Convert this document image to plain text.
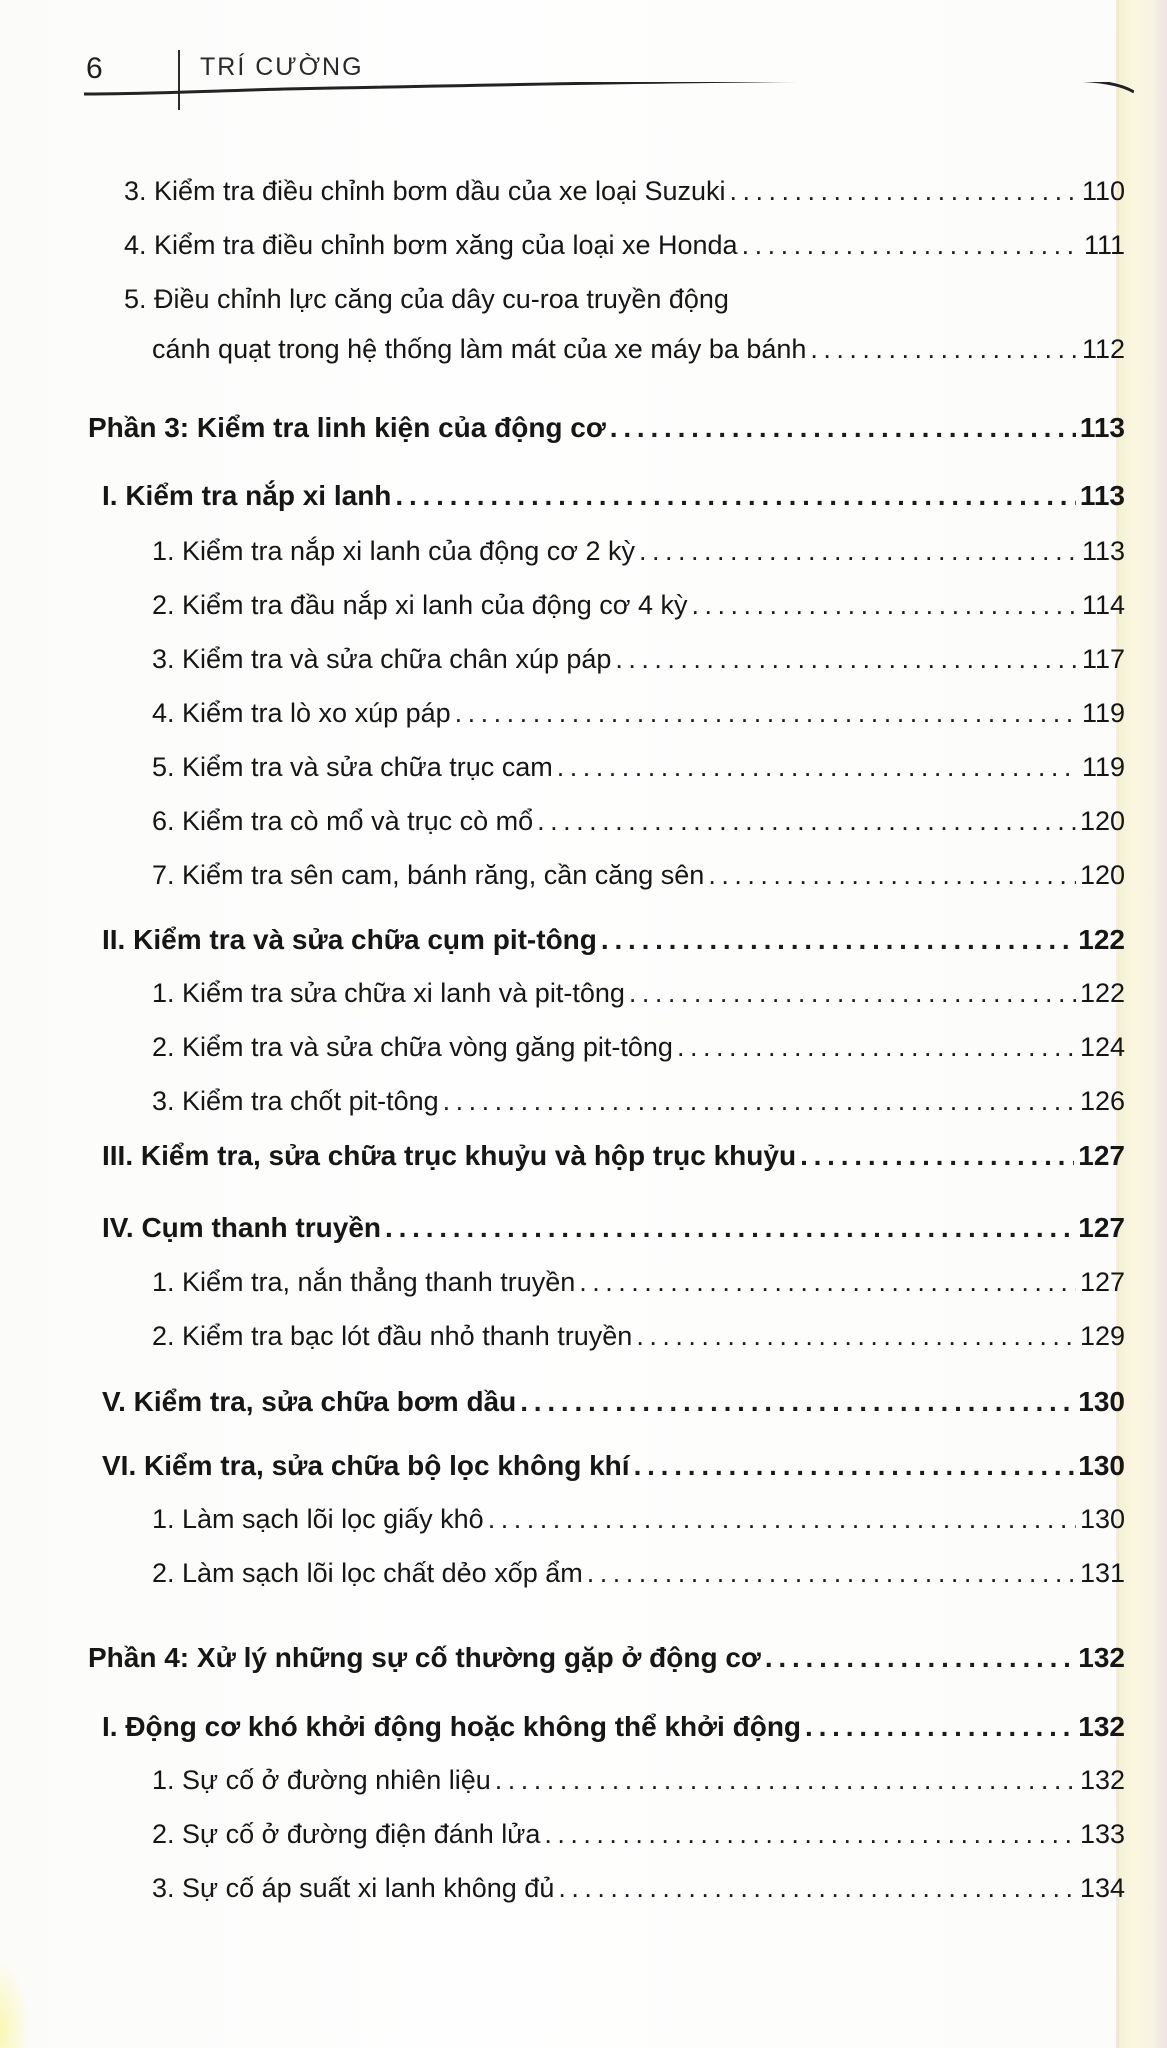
6	TRÍ CƯỜNG
3. Kiểm tra điều chỉnh bơm dầu của xe loại Suzuki . . .	110
4. Kiểm tra điều chỉnh bơm xăng của loại xe Honda . . .	111
5. Điều chỉnh lực căng của dây cu-roa truyền động
cánh quạt trong hệ thống làm mát của xe máy ba bánh . . .	112
Phần 3: Kiểm tra linh kiện của động cơ . . .	113
I. Kiểm tra nắp xi lanh . . .	113
1. Kiểm tra nắp xi lanh của động cơ 2 kỳ . . .	113
2. Kiểm tra đầu nắp xi lanh của động cơ 4 kỳ . . .	114
3. Kiểm tra và sửa chữa chân xúp páp . . .	117
4. Kiểm tra lò xo xúp páp . . .	119
5. Kiểm tra và sửa chữa trục cam . . .	119
6. Kiểm tra cò mổ và trục cò mổ . . .	120
7. Kiểm tra sên cam, bánh răng, cần căng sên . . .	120
II. Kiểm tra và sửa chữa cụm pit-tông . . .	122
1. Kiểm tra sửa chữa xi lanh và pit-tông . . .	122
2. Kiểm tra và sửa chữa vòng găng pit-tông . . .	124
3. Kiểm tra chốt pit-tông . . .	126
III. Kiểm tra, sửa chữa trục khuỷu và hộp trục khuỷu . . .	127
IV. Cụm thanh truyền . . .	127
1. Kiểm tra, nắn thẳng thanh truyền . . .	127
2. Kiểm tra bạc lót đầu nhỏ thanh truyền . . .	129
V. Kiểm tra, sửa chữa bơm dầu . . .	130
VI. Kiểm tra, sửa chữa bộ lọc không khí . . .	130
1. Làm sạch lõi lọc giấy khô . . .	130
2. Làm sạch lõi lọc chất dẻo xốp ẩm . . .	131
Phần 4: Xử lý những sự cố thường gặp ở động cơ . . .	132
I. Động cơ khó khởi động hoặc không thể khởi động . . .	132
1. Sự cố ở đường nhiên liệu . . .	132
2. Sự cố ở đường điện đánh lửa . . .	133
3. Sự cố áp suất xi lanh không đủ . . .	134
